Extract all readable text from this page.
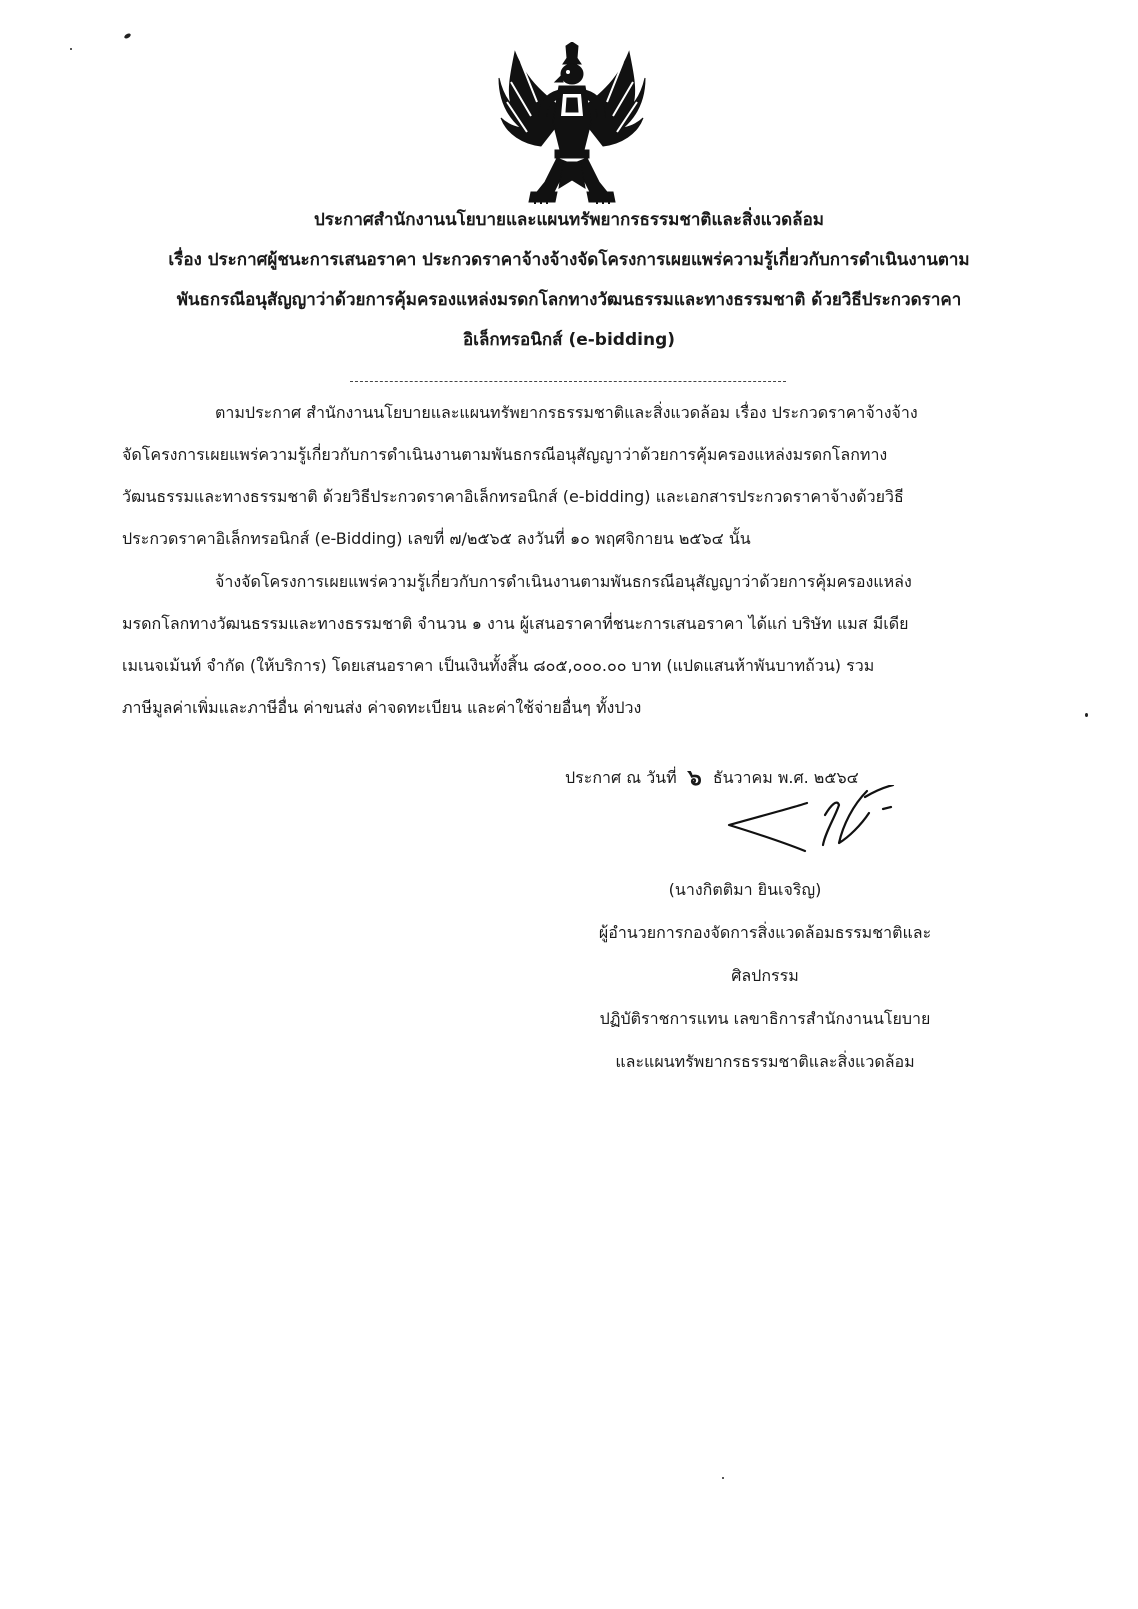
ประกาศสำนักงานนโยบายและแผนทรัพยากรธรรมชาติและสิ่งแวดล้อม
เรื่อง ประกาศผู้ชนะการเสนอราคา ประกวดราคาจ้างจ้างจัดโครงการเผยแพร่ความรู้เกี่ยวกับการดำเนินงานตาม
พันธกรณีอนุสัญญาว่าด้วยการคุ้มครองแหล่งมรดกโลกทางวัฒนธรรมและทางธรรมชาติ ด้วยวิธีประกวดราคา
อิเล็กทรอนิกส์ (e-bidding)
ตามประกาศ สำนักงานนโยบายและแผนทรัพยากรธรรมชาติและสิ่งแวดล้อม เรื่อง ประกวดราคาจ้างจ้าง
จัดโครงการเผยแพร่ความรู้เกี่ยวกับการดำเนินงานตามพันธกรณีอนุสัญญาว่าด้วยการคุ้มครองแหล่งมรดกโลกทาง
วัฒนธรรมและทางธรรมชาติ ด้วยวิธีประกวดราคาอิเล็กทรอนิกส์ (e-bidding) และเอกสารประกวดราคาจ้างด้วยวิธี
ประกวดราคาอิเล็กทรอนิกส์ (e-Bidding) เลขที่ ๗/๒๕๖๕ ลงวันที่ ๑๐ พฤศจิกายน ๒๕๖๔ นั้น
จ้างจัดโครงการเผยแพร่ความรู้เกี่ยวกับการดำเนินงานตามพันธกรณีอนุสัญญาว่าด้วยการคุ้มครองแหล่ง
มรดกโลกทางวัฒนธรรมและทางธรรมชาติ จำนวน ๑ งาน ผู้เสนอราคาที่ชนะการเสนอราคา ได้แก่ บริษัท แมส มีเดีย
เมเนจเม้นท์ จำกัด (ให้บริการ) โดยเสนอราคา เป็นเงินทั้งสิ้น ๘๐๕,๐๐๐.๐๐ บาท (แปดแสนห้าพันบาทถ้วน) รวม
ภาษีมูลค่าเพิ่มและภาษีอื่น ค่าขนส่ง ค่าจดทะเบียน และค่าใช้จ่ายอื่นๆ ทั้งปวง
ประกาศ ณ วันที่ ๖ ธันวาคม พ.ศ. ๒๕๖๔
(นางกิตติมา ยินเจริญ)
ผู้อำนวยการกองจัดการสิ่งแวดล้อมธรรมชาติและ
ศิลปกรรม
ปฏิบัติราชการแทน เลขาธิการสำนักงานนโยบาย
และแผนทรัพยากรธรรมชาติและสิ่งแวดล้อม
